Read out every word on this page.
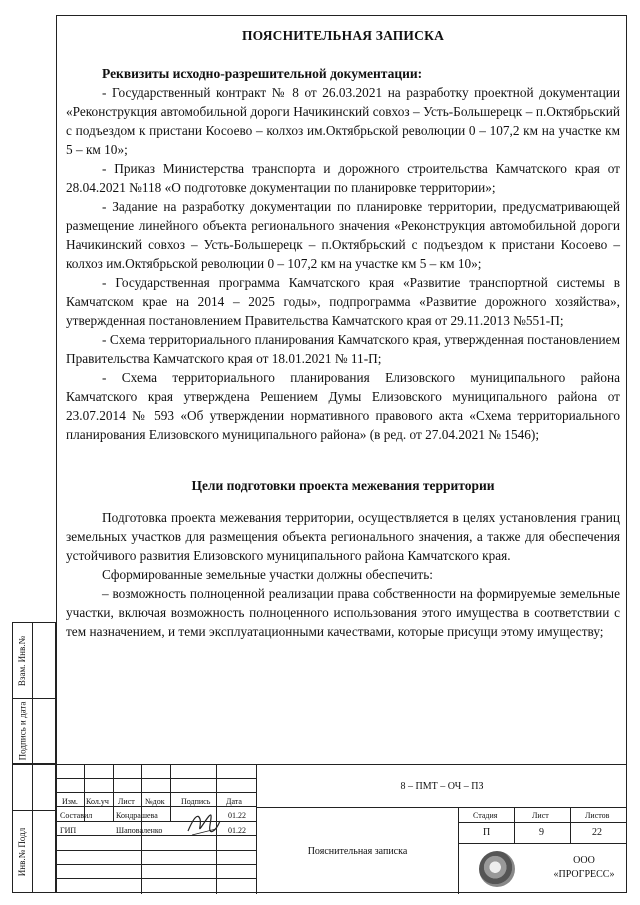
ПОЯСНИТЕЛЬНАЯ ЗАПИСКА

Реквизиты исходно-разрешительной документации:

- Государственный контракт № 8 от 26.03.2021 на разработку проектной документации «Реконструкция автомобильной дороги Начикинский совхоз – Усть-Большерецк – п.Октябрьский с подъездом к пристани Косоево – колхоз им.Октябрьской революции 0 – 107,2 км на участке км 5 – км 10»;

- Приказ Министерства транспорта и дорожного строительства Камчатского края от 28.04.2021 №118 «О подготовке документации по планировке территории»;

- Задание на разработку документации по планировке территории, предусматривающей размещение линейного объекта регионального значения «Реконструкция автомобильной дороги Начикинский совхоз – Усть-Большерецк – п.Октябрьский с подъездом к пристани Косоево – колхоз им.Октябрьской революции 0 – 107,2 км на участке км 5 – км 10»;

- Государственная программа Камчатского края «Развитие транспортной системы в Камчатском крае на 2014 – 2025 годы», подпрограмма «Развитие дорожного хозяйства», утвержденная постановлением Правительства Камчатского края от 29.11.2013 №551-П;

- Схема территориального планирования Камчатского края, утвержденная постановлением Правительства Камчатского края от 18.01.2021 № 11-П;

- Схема территориального планирования Елизовского муниципального района Камчатского края утверждена Решением Думы Елизовского муниципального района от 23.07.2014 № 593 «Об утверждении нормативного правового акта «Схема территориального планирования Елизовского муниципального района» (в ред. от 27.04.2021 № 1546);

Цели подготовки проекта межевания территории

Подготовка проекта межевания территории, осуществляется в целях установления границ земельных участков для размещения объекта регионального значения, а также для обеспечения устойчивого развития Елизовского муниципального района Камчатского края.

Сформированные земельные участки должны обеспечить:

– возможность полноценной реализации права собственности на формируемые земельные участки, включая возможность полноценного использования этого имущества в соответствии с тем назначением, и теми эксплуатационными качествами, которые присущи этому имуществу;

Взам. Инв.№
Подпись и дата
Инв.№ Подл
Изм. Кол.уч Лист №док Подпись Дата
Составил	Кондрашева	01.22
ГИП	Шаповаленко	01.22
8 – ПМТ – ОЧ – ПЗ
Пояснительная записка
Стадия	Лист	Листов
П	9	22
ООО
«ПРОГРЕСС»
